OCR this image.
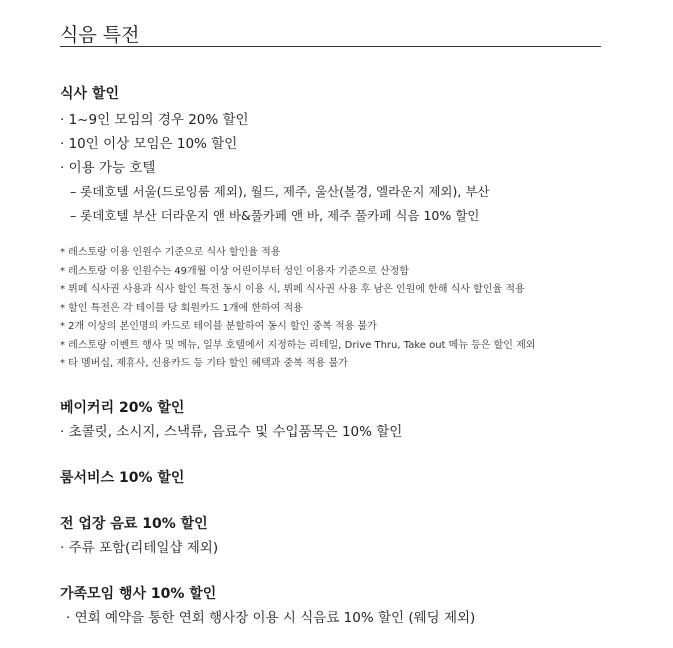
식음 특전
식사 할인
· 1~9인 모임의 경우 20% 할인
· 10인 이상 모임은 10% 할인
· 이용 가능 호텔
– 롯데호텔 서울(드로잉룸 제외), 월드, 제주, 울산(볼경, 엘라운지 제외), 부산
– 롯데호텔 부산 더라운지 앤 바&풀카페 앤 바, 제주 풀카페 식음 10% 할인
* 레스토랑 이용 인원수 기준으로 식사 할인율 적용
* 레스토랑 이용 인원수는 49개월 이상 어린이부터 성인 이용자 기준으로 산정함
* 뷔페 식사권 사용과 식사 할인 특전 동시 이용 시, 뷔페 식사권 사용 후 남은 인원에 한해 식사 할인율 적용
* 할인 특전은 각 테이블 당 회원카드 1개에 한하여 적용
* 2개 이상의 본인명의 카드로 테이블 분할하여 동시 할인 중복 적용 불가
* 레스토랑 이벤트 행사 및 메뉴, 일부 호텔에서 지정하는 리테일, Drive Thru, Take out 메뉴 등은 할인 제외
* 타 멤버십, 제휴사, 신용카드 등 기타 할인 혜택과 중복 적용 불가
베이커리 20% 할인
· 초콜릿, 소시지, 스낵류, 음료수 및 수입품목은 10% 할인
룸서비스 10% 할인
전 업장 음료 10% 할인
· 주류 포함(리테일샵 제외)
가족모임 행사 10% 할인
· 연회 예약을 통한 연회 행사장 이용 시 식음료 10% 할인 (웨딩 제외)
